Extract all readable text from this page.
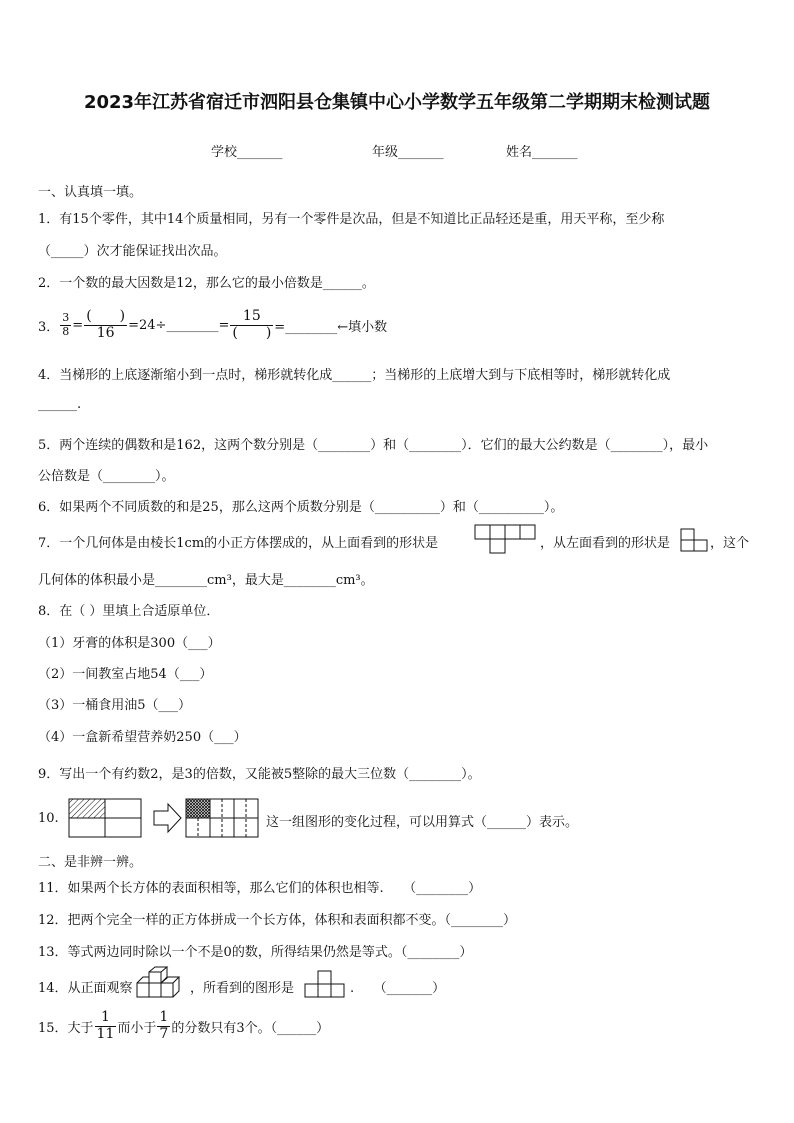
2023年江苏省宿迁市泗阳县仓集镇中心小学数学五年级第二学期期末检测试题
学校_______	年级_______	姓名_______
一、认真填一填。
1．有15个零件，其中14个质量相同，另有一个零件是次品，但是不知道比正品轻还是重，用天平称，至少称
（_____）次才能保证找出次品。
2．一个数的最大因数是12，那么它的最小倍数是______。
3． $\frac{3}{8} = \frac{( )}{16}$ =24÷________= $\frac{15}{( )}$ =________←填小数
4．当梯形的上底逐渐缩小到一点时，梯形就转化成______；当梯形的上底增大到与下底相等时，梯形就转化成
______.
5．两个连续的偶数和是162，这两个数分别是（________）和（________）．它们的最大公约数是（________），最小
公倍数是（________）。
6．如果两个不同质数的和是25，那么这两个质数分别是（__________）和（__________）。
7．一个几何体是由棱长1cm的小正方体摆成的，从上面看到的形状是	，从左面看到的形状是	，这个
几何体的体积最小是________cm³，最大是________cm³。
8．在（ ）里填上合适原单位．
（1）牙膏的体积是300（___）
（2）一间教室占地54（___）
（3）一桶食用油5（___）
（4）一盒新希望营养奶250（___）
9．写出一个有约数2，是3的倍数，又能被5整除的最大三位数（________）。
10.	这一组图形的变化过程，可以用算式（______）表示。
二、是非辨一辨。
11．如果两个长方体的表面积相等，那么它们的体积也相等.　　（________）
12．把两个完全一样的正方体拼成一个长方体，体积和表面积都不变。（________）
13．等式两边同时除以一个不是0的数，所得结果仍然是等式。（________）
14．从正面观察	，所看到的图形是	.　　（_______）
15．大于 $\frac{1}{11}$ 而小于 $\frac{1}{7}$ 的分数只有3个。（______）
